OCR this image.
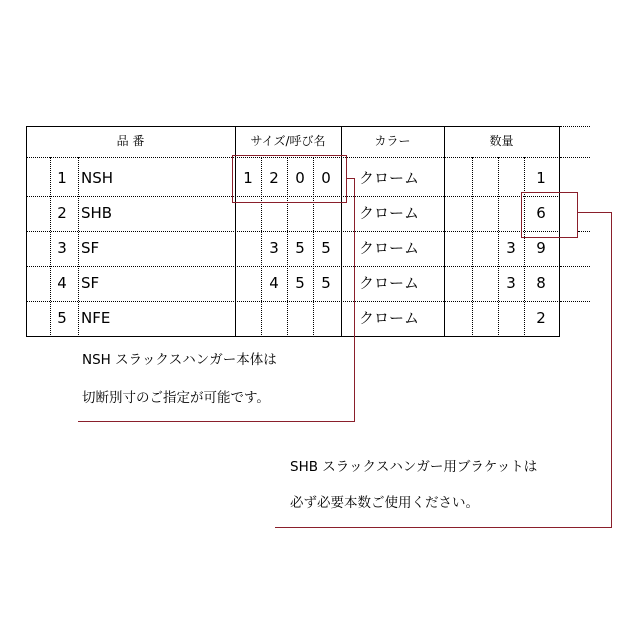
品 番	サイズ/呼び名	カラー	数量
1 NSH	1	2	0	0	クローム	1
2 SHB	クローム	6
3 SF	3	5	5	クローム	3	9
4 SF	4	5	5	クローム	3	8
5 NFE	クローム	2
NSH スラックスハンガー本体は
切断別寸のご指定が可能です。
SHB スラックスハンガー用ブラケットは
必ず必要本数ご使用ください。
